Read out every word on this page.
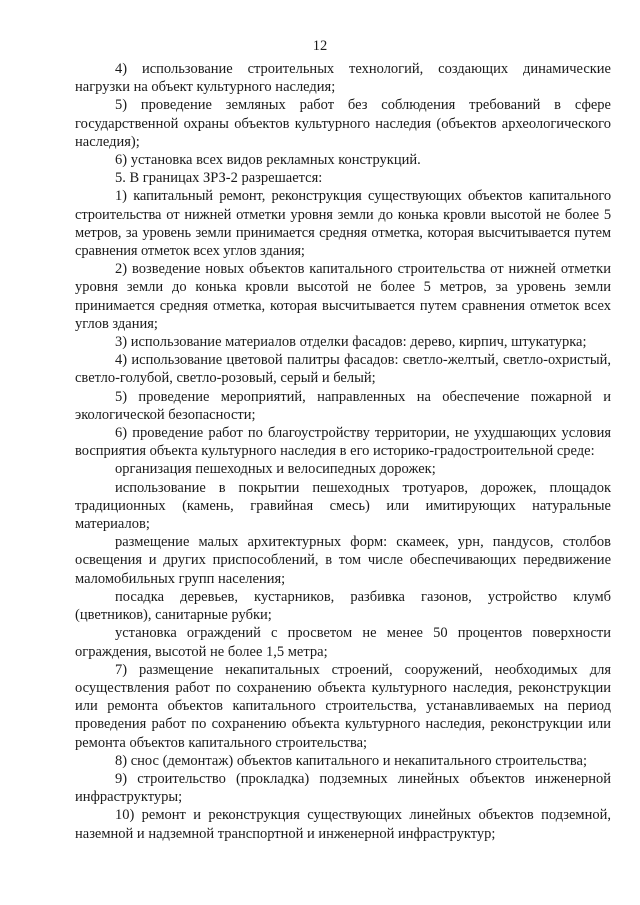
12

4) использование строительных технологий, создающих динамические нагрузки на объект культурного наследия;

5) проведение земляных работ без соблюдения требований в сфере государственной охраны объектов культурного наследия (объектов археологического наследия);

6) установка всех видов рекламных конструкций.

5. В границах ЗРЗ-2 разрешается:

1) капитальный ремонт, реконструкция существующих объектов капитального строительства от нижней отметки уровня земли до конька кровли высотой не более 5 метров, за уровень земли принимается средняя отметка, которая высчитывается путем сравнения отметок всех углов здания;

2) возведение новых объектов капитального строительства от нижней отметки уровня земли до конька кровли высотой не более 5 метров, за уровень земли принимается средняя отметка, которая высчитывается путем сравнения отметок всех углов здания;

3) использование материалов отделки фасадов: дерево, кирпич, штукатурка;

4) использование цветовой палитры фасадов: светло-желтый, светло-охристый, светло-голубой, светло-розовый, серый и белый;

5) проведение мероприятий, направленных на обеспечение пожарной и экологической безопасности;

6) проведение работ по благоустройству территории, не ухудшающих условия восприятия объекта культурного наследия в его историко-градостроительной среде:

организация пешеходных и велосипедных дорожек;

использование в покрытии пешеходных тротуаров, дорожек, площадок традиционных (камень, гравийная смесь) или имитирующих натуральные материалов;

размещение малых архитектурных форм: скамеек, урн, пандусов, столбов освещения и других приспособлений, в том числе обеспечивающих передвижение маломобильных групп населения;

посадка деревьев, кустарников, разбивка газонов, устройство клумб (цветников), санитарные рубки;

установка ограждений с просветом не менее 50 процентов поверхности ограждения, высотой не более 1,5 метра;

7) размещение некапитальных строений, сооружений, необходимых для осуществления работ по сохранению объекта культурного наследия, реконструкции или ремонта объектов капитального строительства, устанавливаемых на период проведения работ по сохранению объекта культурного наследия, реконструкции или ремонта объектов капитального строительства;

8) снос (демонтаж) объектов капитального и некапитального строительства;

9) строительство (прокладка) подземных линейных объектов инженерной инфраструктуры;

10) ремонт и реконструкция существующих линейных объектов подземной, наземной и надземной транспортной и инженерной инфраструктур;
